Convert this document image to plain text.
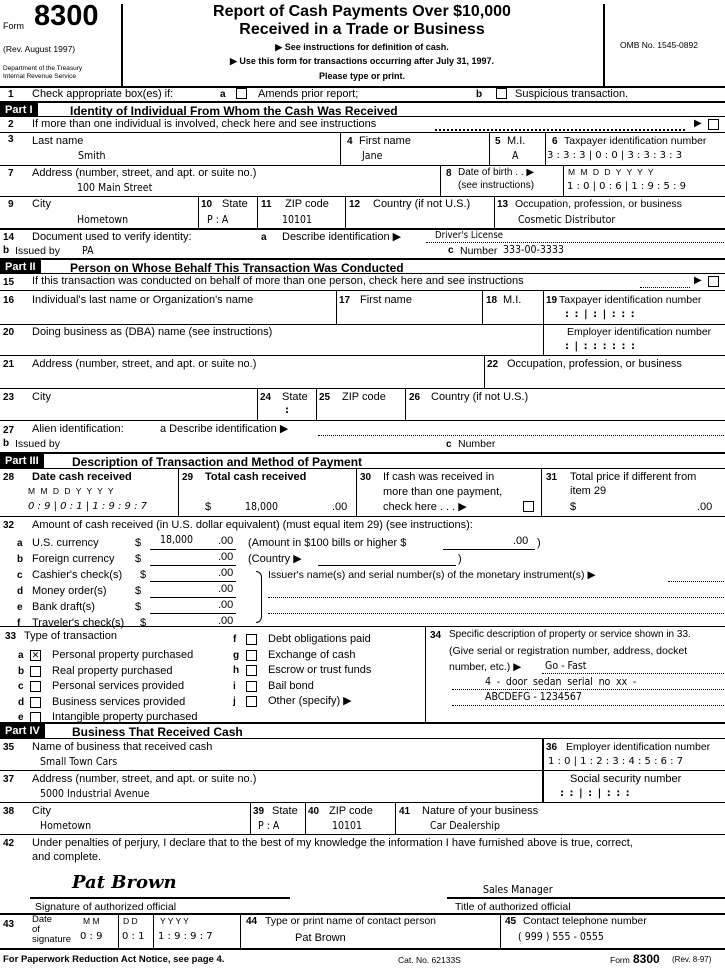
Form 8300
(Rev. August 1997)
Department of the Treasury
Internal Revenue Service
Report of Cash Payments Over $10,000
Received in a Trade or Business
▶ See instructions for definition of cash.
▶ Use this form for transactions occurring after July 31, 1997.
Please type or print.
OMB No. 1545-0892
1 Check appropriate box(es) if:	a	Amends prior report;	b	Suspicious transaction.
Part I	Identity of Individual From Whom the Cash Was Received
2 If more than one individual is involved, check here and see instructions	▶
3 Last name
Smith
4 First name
Jane
5 M.I.
A
6 Taxpayer identification number
3 : 3 : 3 | 0 : 0 | 3 : 3 : 3 : 3
7 Address (number, street, and apt. or suite no.)
100 Main Street
8 Date of birth . . ▶
(see instructions)
M M D D Y Y Y Y
1 : 0 | 0 : 6 | 1 : 9 : 5 : 9
9 City
Hometown
10 State
P : A
11 ZIP code
10101
12 Country (if not U.S.)	13 Occupation, profession, or business
Cosmetic Distributor
14 Document used to verify identity:	a Describe identification ▶	Driver's License
b Issued by PA	c Number 333-00-3333
Part II	Person on Whose Behalf This Transaction Was Conducted
15 If this transaction was conducted on behalf of more than one person, check here and see instructions	▶
16 Individual's last name or Organization's name	17 First name	18 M.I. 19 Taxpayer identification number
: : | : | : : :
20 Doing business as (DBA) name (see instructions)	Employer identification number
: | : : : : : :
21 Address (number, street, and apt. or suite no.)	22 Occupation, profession, or business
23 City	24 State
:
25 ZIP code 26 Country (if not U.S.)
27 Alien identification:	a Describe identification ▶
b Issued by	c Number
Part III	Description of Transaction and Method of Payment
28 Date cash received
M M D D Y Y Y Y
0 : 9 | 0 : 1 | 1 : 9 : 9 : 7
29 Total cash received
$	18,000	.00
30 If cash was received in
more than one payment,
check here . . . ▶
31 Total price if different from
item 29
$	.00
32 Amount of cash received (in U.S. dollar equivalent) (must equal item 29) (see instructions):
a U.S. currency	$ 18,000 .00
b Foreign currency $	.00
c Cashier's check(s) $	.00
d Money order(s)	$	.00
e Bank draft(s)	$	.00
f Traveler's check(s) $	.00
(Amount in $100 bills or higher $	.00 )
(Country ▶	)
Issuer's name(s) and serial number(s) of the monetary instrument(s) ▶
33 Type of transaction
a ✕ Personal property purchased
b	Real property purchased
c	Personal services provided
d	Business services provided
e	Intangible property purchased
f	Debt obligations paid
g	Exchange of cash
h	Escrow or trust funds
i	Bail bond
j	Other (specify) ▶
34 Specific description of property or service shown in 33.
(Give serial or registration number, address, docket
number, etc.) ▶ Go - Fast
4 - door sedan serial no xx -
ABCDEFG - 1234567
Part IV	Business That Received Cash
35 Name of business that received cash
Small Town Cars
36 Employer identification number
1 : 0 | 1 : 2 : 3 : 4 : 5 : 6 : 7
37 Address (number, street, and apt. or suite no.)
5000 Industrial Avenue
Social security number
: : | : | : : :
38 City
Hometown
39 State
P : A
40 ZIP code
10101
41 Nature of your business
Car Dealership
42 Under penalties of perjury, I declare that to the best of my knowledge the information I have furnished above is true, correct,
and complete.
Pat Brown
Signature of authorized official
Sales Manager
Title of authorized official
43 Date
of
signature
M M
0 : 9
D D
0 : 1
Y Y Y Y
1 : 9 : 9 : 7
44 Type or print name of contact person
Pat Brown
45 Contact telephone number
( 999 ) 555 - 0555
For Paperwork Reduction Act Notice, see page 4.	Cat. No. 62133S	Form 8300 (Rev. 8-97)
